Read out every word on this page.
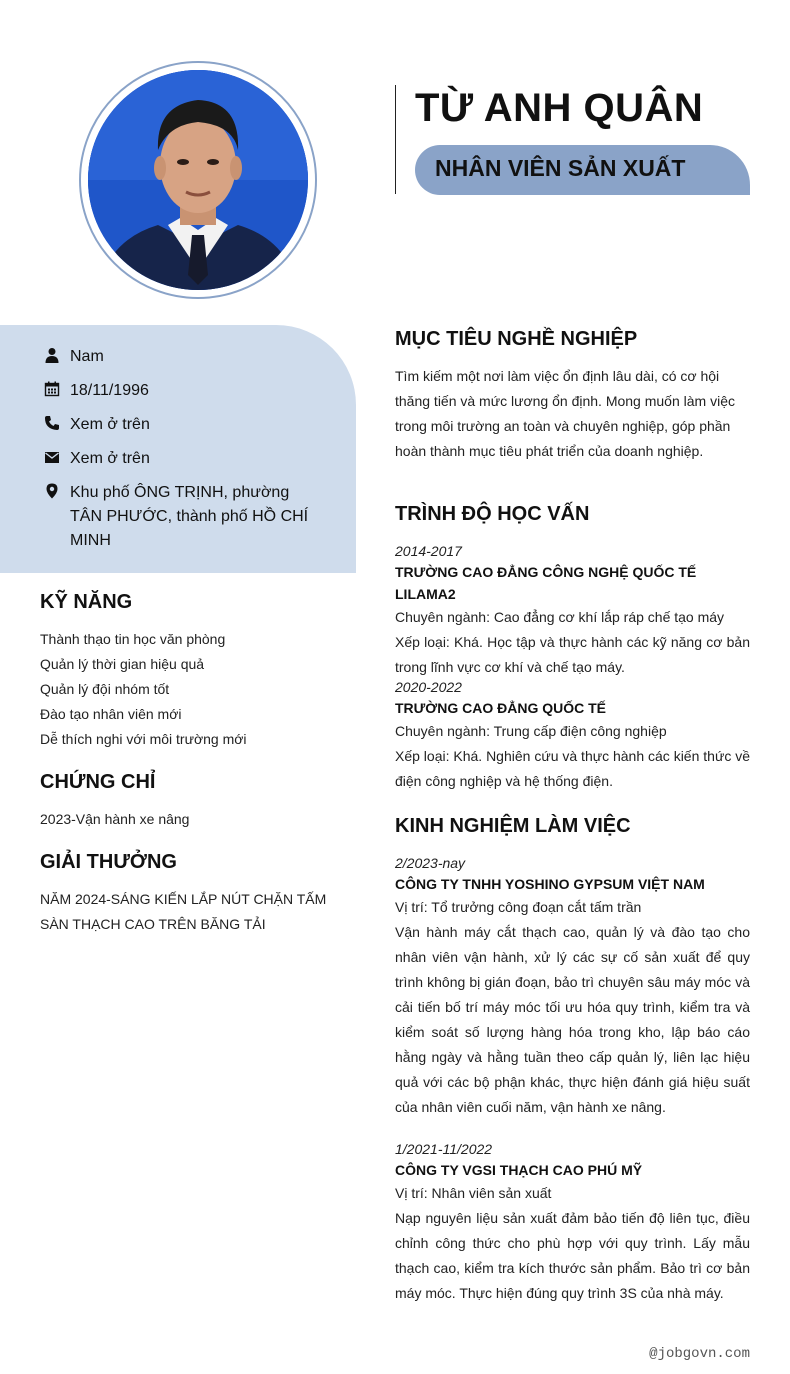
TỪ ANH QUÂN
NHÂN VIÊN SẢN XUẤT
Nam
18/11/1996
Xem ở trên
Xem ở trên
Khu phố ÔNG TRỊNH, phường TÂN PHƯỚC, thành phố HỒ CHÍ MINH
KỸ NĂNG
Thành thạo tin học văn phòng
Quản lý thời gian hiệu quả
Quản lý đội nhóm tốt
Đào tạo nhân viên mới
Dễ thích nghi với môi trường mới
CHỨNG CHỈ
2023-Vận hành xe nâng
GIẢI THƯỞNG
NĂM 2024-SÁNG KIẾN LẮP NÚT CHẶN TẤM SÀN THẠCH CAO TRÊN BĂNG TẢI
MỤC TIÊU NGHỀ NGHIỆP
Tìm kiếm một nơi làm việc ổn định lâu dài, có cơ hội thăng tiến và mức lương ổn định. Mong muốn làm việc trong môi trường an toàn và chuyên nghiệp, góp phần hoàn thành mục tiêu phát triển của doanh nghiệp.
TRÌNH ĐỘ HỌC VẤN
2014-2017
TRƯỜNG CAO ĐẲNG CÔNG NGHỆ QUỐC TẾ LILAMA2
Chuyên ngành: Cao đẳng cơ khí lắp ráp chế tạo máy
Xếp loại: Khá. Học tập và thực hành các kỹ năng cơ bản trong lĩnh vực cơ khí và chế tạo máy.
2020-2022
TRƯỜNG CAO ĐẲNG QUỐC TẾ
Chuyên ngành: Trung cấp điện công nghiệp
Xếp loại: Khá. Nghiên cứu và thực hành các kiến thức về điện công nghiệp và hệ thống điện.
KINH NGHIỆM LÀM VIỆC
2/2023-nay
CÔNG TY TNHH YOSHINO GYPSUM VIỆT NAM
Vị trí: Tổ trưởng công đoạn cắt tấm trần
Vận hành máy cắt thạch cao, quản lý và đào tạo cho nhân viên vận hành, xử lý các sự cố sản xuất để quy trình không bị gián đoạn, bảo trì chuyên sâu máy móc và cải tiến bố trí máy móc tối ưu hóa quy trình, kiểm tra và kiểm soát số lượng hàng hóa trong kho, lập báo cáo hằng ngày và hằng tuần theo cấp quản lý, liên lạc hiệu quả với các bộ phận khác, thực hiện đánh giá hiệu suất của nhân viên cuối năm, vận hành xe nâng.
1/2021-11/2022
CÔNG TY VGSI THẠCH CAO PHÚ MỸ
Vị trí: Nhân viên sản xuất
Nạp nguyên liệu sản xuất đảm bảo tiến độ liên tục, điều chỉnh công thức cho phù hợp với quy trình. Lấy mẫu thạch cao, kiểm tra kích thước sản phẩm. Bảo trì cơ bản máy móc. Thực hiện đúng quy trình 3S của nhà máy.
@jobgovn.com
